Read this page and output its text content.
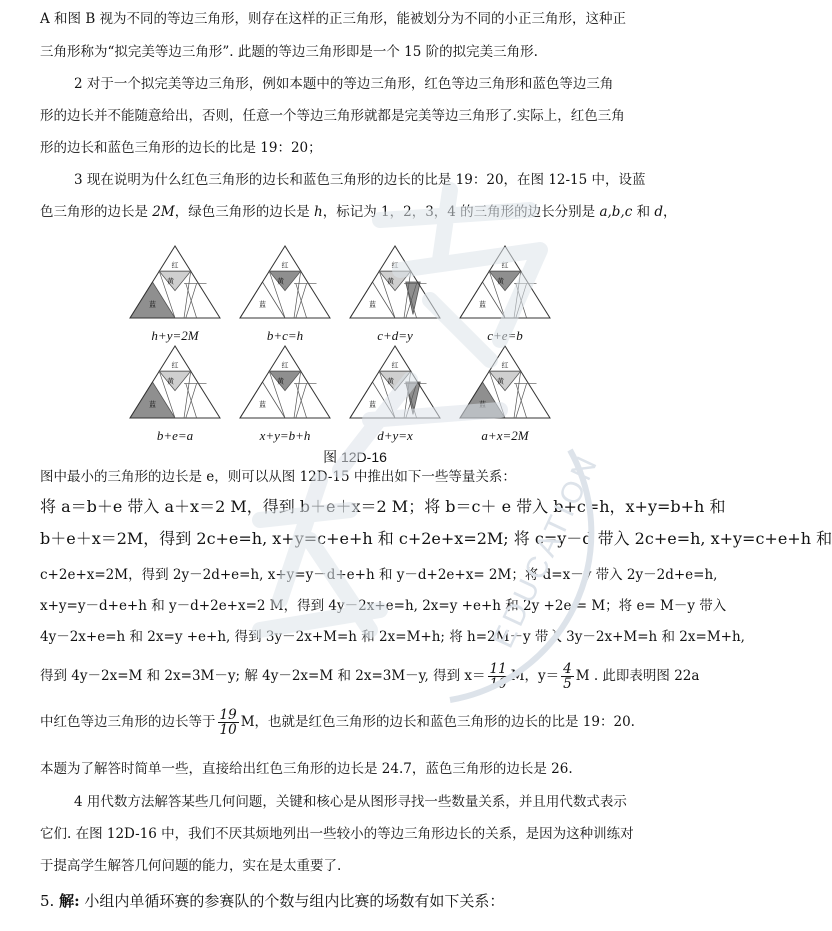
A 和图 B 视为不同的等边三角形，则存在这样的正三角形，能被划分为不同的小正三角形，这种正
三角形称为“拟完美等边三角形”. 此题的等边三角形即是一个 15 阶的拟完美三角形.
2 对于一个拟完美等边三角形，例如本题中的等边三角形，红色等边三角形和蓝色等边三角
形的边长并不能随意给出，否则，任意一个等边三角形就都是完美等边三角形了.实际上，红色三角
形的边长和蓝色三角形的边长的比是 19：20；
3 现在说明为什么红色三角形的边长和蓝色三角形的边长的比是 19：20，在图 12-15 中，设蓝
色三角形的边长是 2M，绿色三角形的边长是 h，标记为 1，2，3，4 的三角形的边长分别是 a,b,c 和 d，
红
黄
蓝
h+y=2M
红
黄
蓝
b+c=h
红
黄
蓝
c+d=y
红
黄
蓝
c+e=b
红
黄
蓝
b+e=a
红
黄
蓝
x+y=b+h
红
黄
蓝
d+y=x
红
黄
蓝
a+x=2M
图 12D-16
图中最小的三角形的边长是 e，则可以从图 12D-15 中推出如下一些等量关系：
将 a＝b＋e 带入 a＋x＝2 M，得到 b＋e＋x＝2 M；将 b＝c＋ e 带入 b+c=h，x+y=b+h 和
b＋e＋x＝2M，得到 2c+e=h, x+y=c+e+h 和 c+2e+x=2M; 将 c=y－d 带入 2c+e=h, x+y=c+e+h 和
c+2e+x=2M，得到 2y－2d+e=h, x+y=y－d+e+h 和 y－d+2e+x= 2M；将 d=x－y 带入 2y－2d+e=h,
x+y=y－d+e+h 和 y－d+2e+x=2 M，得到 4y－2x+e=h, 2x=y +e+h 和 2y +2e = M；将 e= M－y 带入
4y－2x+e=h 和 2x=y +e+h, 得到 3y－2x+M=h 和 2x=M+h; 将 h=2M－y 带入 3y－2x+M=h 和 2x=M+h,
得到 4y－2x=M 和 2x=3M－y; 解 4y－2x=M 和 2x=3M－y, 得到 $x= \frac{11}{10}$ M，$y= \frac{4}{5}$ M . 此即表明图 22a
中红色等边三角形的边长等于 $\frac{19}{10}$ M，也就是红色三角形的边长和蓝色三角形的边长的比是 19：20.
本题为了解答时简单一些，直接给出红色三角形的边长是 24.7，蓝色三角形的边长是 26.
4 用代数方法解答某些几何问题，关键和核心是从图形寻找一些数量关系，并且用代数式表示
它们. 在图 12D-16 中，我们不厌其烦地列出一些较小的等边三角形边长的关系，是因为这种训练对
于提高学生解答几何问题的能力，实在是太重要了.
5. 解: 小组内单循环赛的参赛队的个数与组内比赛的场数有如下关系：
EDUCATION
